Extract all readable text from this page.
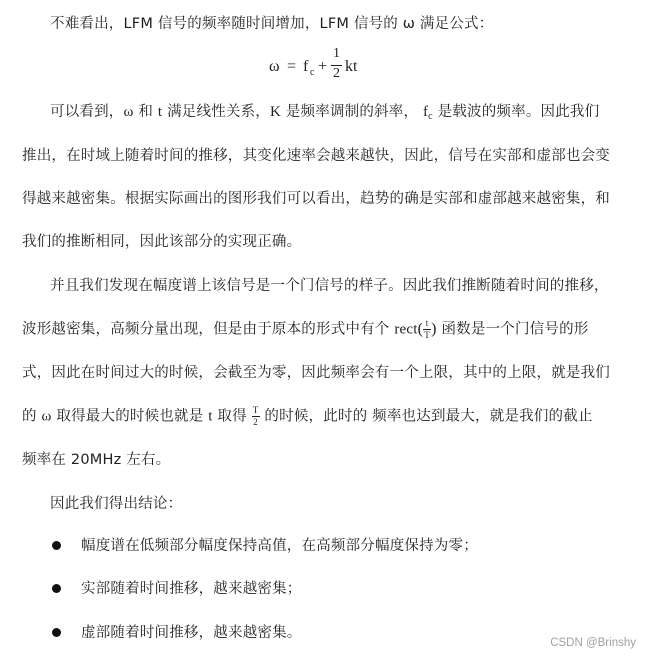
不难看出，LFM 信号的频率随时间增加，LFM 信号的 ω 满足公式：
ω = f c +
1
2 kt
可以看到，ω 和 t 满足线性关系，K 是频率调制的斜率， $f_c$ 是载波的频率。因此我们
推出，在时域上随着时间的推移，其变化速率会越来越快，因此，信号在实部和虚部也会变
得越来越密集。根据实际画出的图形我们可以看出，趋势的确是实部和虚部越来越密集，和
我们的推断相同，因此该部分的实现正确。
并且我们发现在幅度谱上该信号是一个门信号的样子。因此我们推断随着时间的推移，
波形越密集，高频分量出现，但是由于原本的形式中有个 rect( $\frac{t}{T}$ ) 函数是一个门信号的形
式，因此在时间过大的时候，会截至为零，因此频率会有一个上限，其中的上限，就是我们
的 ω 取得最大的时候也就是 t 取得 $\frac{T}{2}$ 的时候，此时的 频率也达到最大，就是我们的截止
频率在 20MHz 左右。
因此我们得出结论：
幅度谱在低频部分幅度保持高值，在高频部分幅度保持为零；
实部随着时间推移，越来越密集；
虚部随着时间推移，越来越密集。
CSDN @Brinshy
